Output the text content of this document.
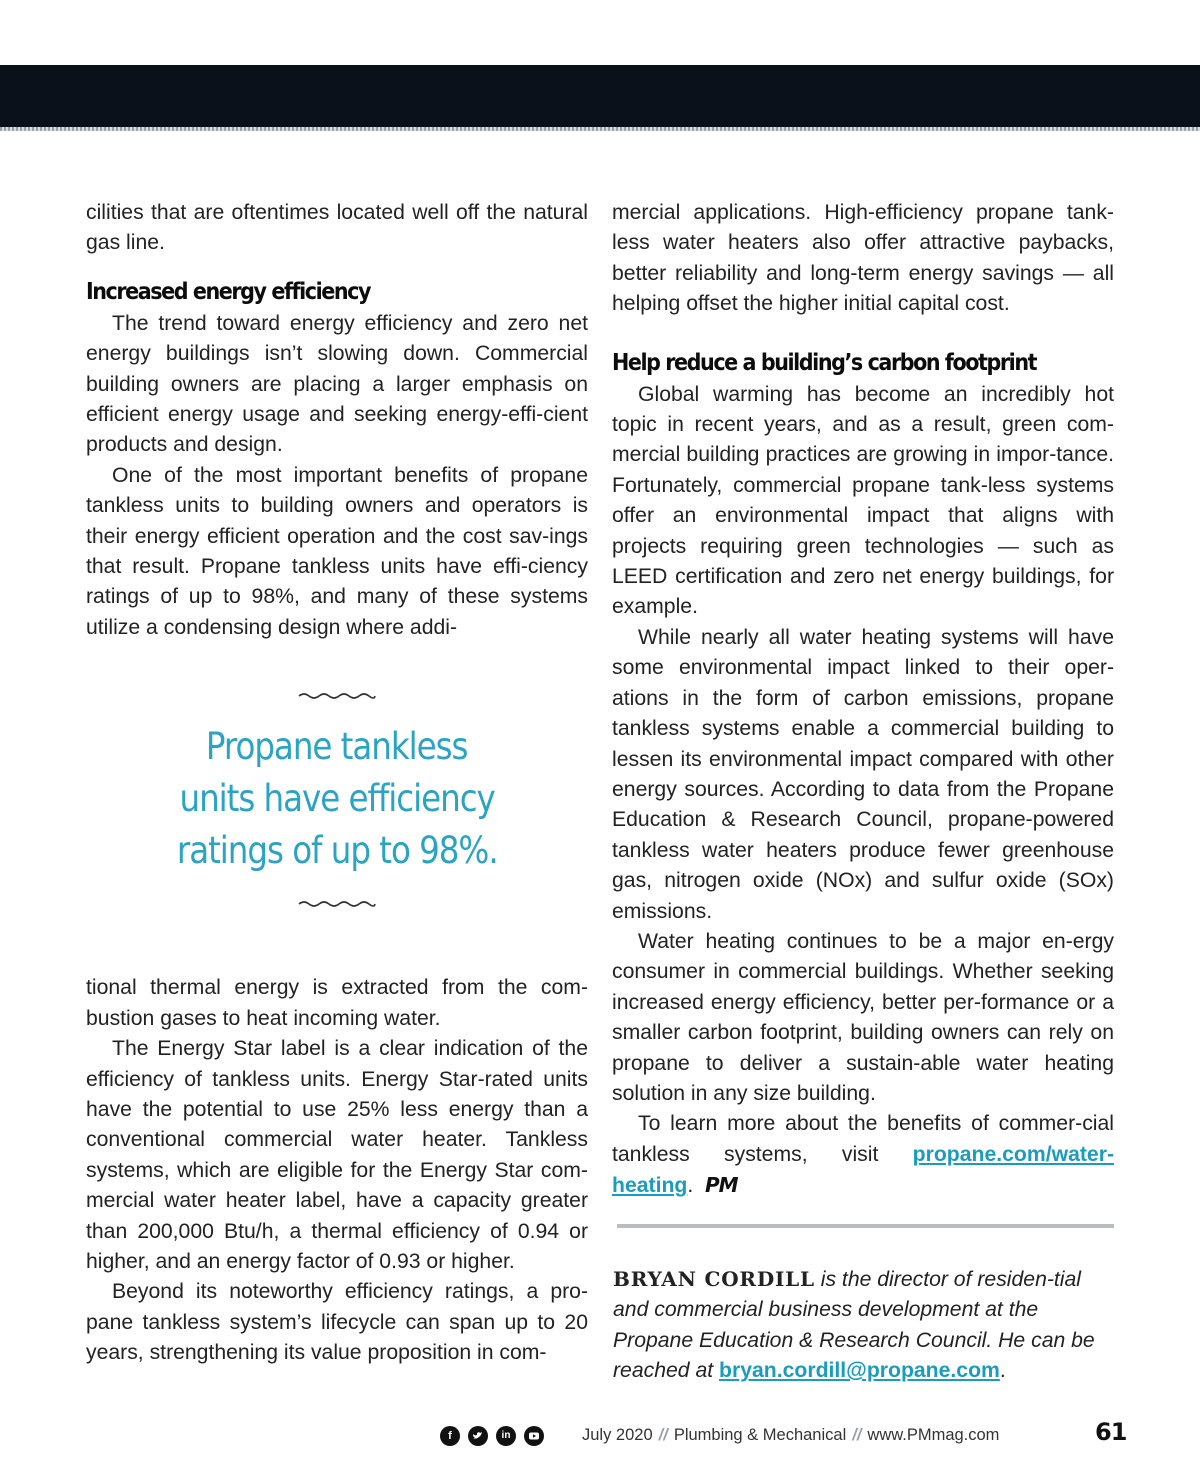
cilities that are oftentimes located well off the natural gas line.

Increased energy efficiency

The trend toward energy efficiency and zero net energy buildings isn’t slowing down. Commercial building owners are placing a larger emphasis on efficient energy usage and seeking energy-effi-cient products and design.

One of the most important benefits of propane tankless units to building owners and operators is their energy efficient operation and the cost sav-ings that result. Propane tankless units have effi-ciency ratings of up to 98%, and many of these systems utilize a condensing design where addi-

Propane tankless
units have efficiency
ratings of up to 98%.

tional thermal energy is extracted from the com-bustion gases to heat incoming water.

The Energy Star label is a clear indication of the efficiency of tankless units. Energy Star-rated units have the potential to use 25% less energy than a conventional commercial water heater. Tankless systems, which are eligible for the Energy Star com-mercial water heater label, have a capacity greater than 200,000 Btu/h, a thermal efficiency of 0.94 or higher, and an energy factor of 0.93 or higher.

Beyond its noteworthy efficiency ratings, a pro-pane tankless system’s lifecycle can span up to 20 years, strengthening its value proposition in com-

mercial applications. High-efficiency propane tank-less water heaters also offer attractive paybacks, better reliability and long-term energy savings — all helping offset the higher initial capital cost.

Help reduce a building’s carbon footprint

Global warming has become an incredibly hot topic in recent years, and as a result, green com-mercial building practices are growing in impor-tance. Fortunately, commercial propane tank-less systems offer an environmental impact that aligns with projects requiring green technologies — such as LEED certification and zero net energy buildings, for example.

While nearly all water heating systems will have some environmental impact linked to their oper-ations in the form of carbon emissions, propane tankless systems enable a commercial building to lessen its environmental impact compared with other energy sources. According to data from the Propane Education & Research Council, propane-powered tankless water heaters produce fewer greenhouse gas, nitrogen oxide (NOx) and sulfur oxide (SOx) emissions.

Water heating continues to be a major en-ergy consumer in commercial buildings. Whether seeking increased energy efficiency, better per-formance or a smaller carbon footprint, building owners can rely on propane to deliver a sustain-able water heating solution in any size building.

To learn more about the benefits of commer-cial tankless systems, visit propane.com/water-heating. PM

BRYAN CORDILL is the director of residen-tial and commercial business development at the Propane Education & Research Council. He can be reached at bryan.cordill@propane.com.
f	in	July 2020 // Plumbing & Mechanical // www.PMmag.com	61
